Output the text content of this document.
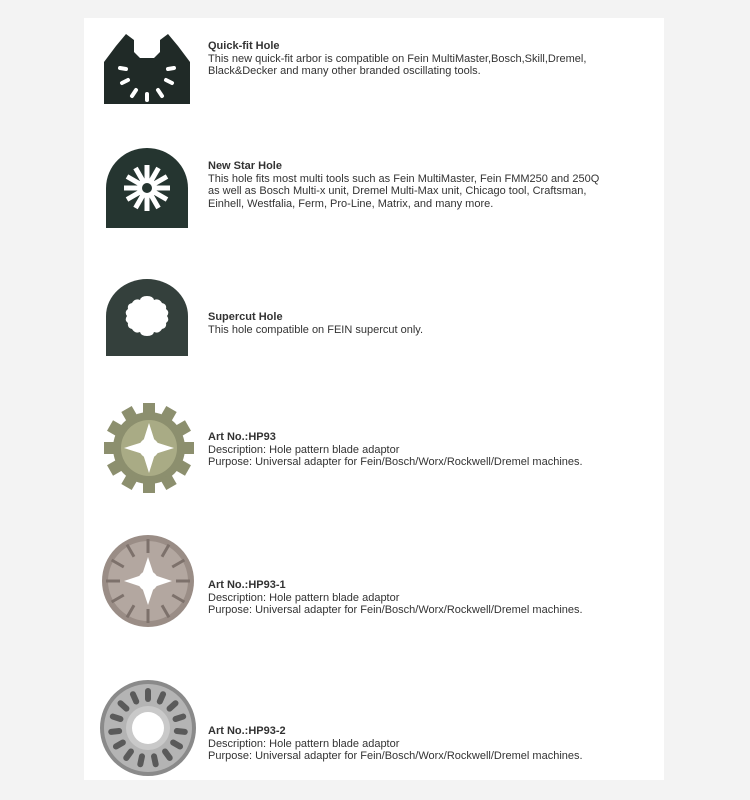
Quick-fit Hole
This new quick-fit arbor is compatible on Fein MultiMaster,Bosch,Skill,Dremel,
Black&Decker and many other branded oscillating tools.
New Star Hole
This hole fits most multi tools such as Fein MultiMaster, Fein FMM250 and 250Q
as well as Bosch Multi-x unit, Dremel Multi-Max unit, Chicago tool, Craftsman,
Einhell, Westfalia, Ferm, Pro-Line, Matrix, and many more.
Supercut Hole
This hole compatible on FEIN supercut only.
Art No.:HP93
Description: Hole pattern blade adaptor
Purpose: Universal adapter for Fein/Bosch/Worx/Rockwell/Dremel machines.
Art No.:HP93-1
Description: Hole pattern blade adaptor
Purpose: Universal adapter for Fein/Bosch/Worx/Rockwell/Dremel machines.
Art No.:HP93-2
Description: Hole pattern blade adaptor
Purpose: Universal adapter for Fein/Bosch/Worx/Rockwell/Dremel machines.
